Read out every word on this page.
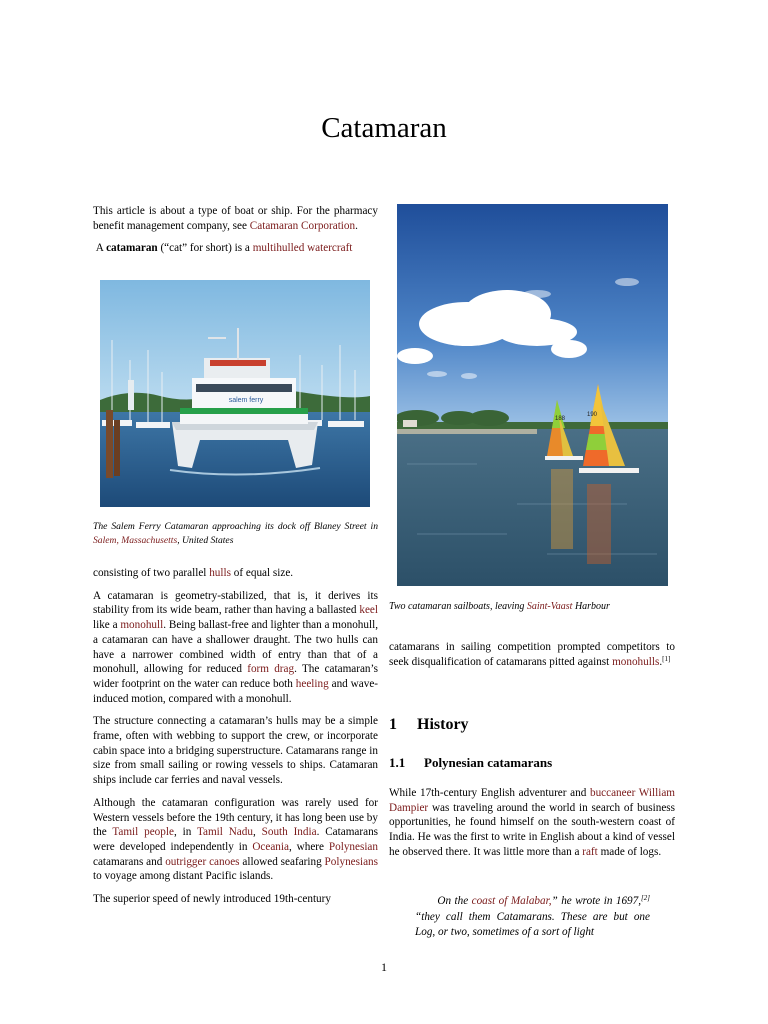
Catamaran

This article is about a type of boat or ship. For the pharmacy benefit management company, see Catamaran Corporation.

A catamaran (“cat” for short) is a multihulled watercraft

salem ferry

The Salem Ferry Catamaran approaching its dock off Blaney Street in Salem, Massachusetts, United States

consisting of two parallel hulls of equal size.

A catamaran is geometry-stabilized, that is, it derives its stability from its wide beam, rather than having a ballasted keel like a monohull. Being ballast-free and lighter than a monohull, a catamaran can have a shallower draught. The two hulls can have a narrower combined width of entry than that of a monohull, allowing for reduced form drag. The catamaran’s wider footprint on the water can reduce both heeling and wave-induced motion, compared with a monohull.

The structure connecting a catamaran’s hulls may be a simple frame, often with webbing to support the crew, or incorporate cabin space into a bridging superstructure. Catamarans range in size from small sailing or rowing vessels to ships. Catamaran ships include car ferries and naval vessels.

Although the catamaran configuration was rarely used for Western vessels before the 19th century, it has long been use by the Tamil people, in Tamil Nadu, South India. Catamarans were developed independently in Oceania, where Polynesian catamarans and outrigger canoes allowed seafaring Polynesians to voyage among distant Pacific islands.

The superior speed of newly introduced 19th-century

188
190

Two catamaran sailboats, leaving Saint-Vaast Harbour

catamarans in sailing competition prompted competitors to seek disqualification of catamarans pitted against monohulls.[1]

1 History
1.1 Polynesian catamarans

While 17th-century English adventurer and buccaneer William Dampier was traveling around the world in search of business opportunities, he found himself on the south-western coast of India. He was the first to write in English about a kind of vessel he observed there. It was little more than a raft made of logs.

  On the coast of Malabar,” he wrote in 1697,[2] “they call them Catamarans. These are but one Log, or two, sometimes of a sort of light

1
